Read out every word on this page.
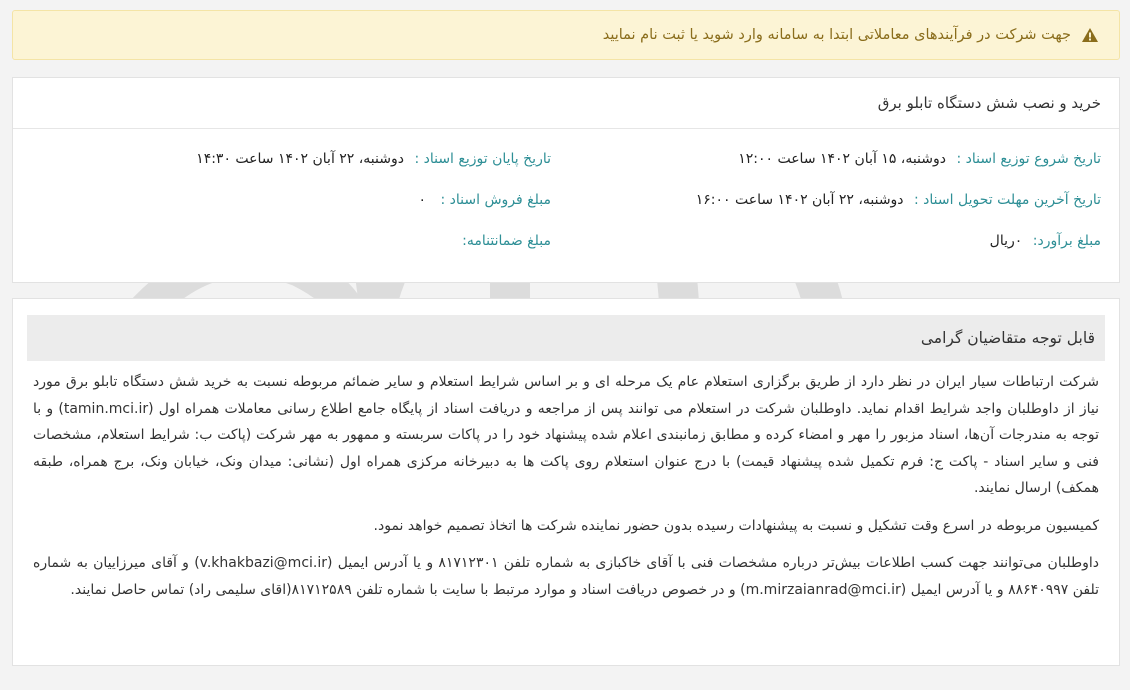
جهت شرکت در فرآیندهای معاملاتی ابتدا به سامانه وارد شوید یا ثبت نام نمایید
خرید و نصب شش دستگاه تابلو برق
تاریخ شروع توزیع اسناد : دوشنبه، ۱۵ آبان ۱۴۰۲ ساعت ۱۲:۰۰
تاریخ پایان توزیع اسناد : دوشنبه، ۲۲ آبان ۱۴۰۲ ساعت ۱۴:۳۰
تاریخ آخرین مهلت تحویل اسناد : دوشنبه، ۲۲ آبان ۱۴۰۲ ساعت ۱۶:۰۰
مبلغ فروش اسناد : ۰
مبلغ برآورد: ۰ریال
مبلغ ضمانتنامه:
قابل توجه متقاضیان گرامی

شرکت ارتباطات سیار ایران در نظر دارد از طریق برگزاری استعلام عام یک مرحله ای و بر اساس شرایط استعلام و سایر ضمائم مربوطه نسبت به خرید شش دستگاه تابلو برق مورد نیاز از داوطلبان واجد شرایط اقدام نماید. داوطلبان شرکت در استعلام می توانند پس از مراجعه و دریافت اسناد از پایگاه جامع اطلاع رسانی معاملات همراه اول (tamin.mci.ir) و با توجه به مندرجات آن‌ها، اسناد مزبور را مهر و امضاء کرده و مطابق زمانبندی اعلام شده پیشنهاد خود را در پاکات سربسته و ممهور به مهر شرکت (پاکت ب: شرایط استعلام، مشخصات فنی و سایر اسناد - پاکت ج: فرم تکمیل شده پیشنهاد قیمت) با درج عنوان استعلام روی پاکت ها به دبیرخانه مرکزی همراه اول (نشانی: میدان ونک، خیابان ونک، برج همراه، طبقه همکف) ارسال نمایند.

کمیسیون مربوطه در اسرع وقت تشکیل و نسبت به پیشنهادات رسیده بدون حضور نماینده شرکت ها اتخاذ تصمیم خواهد نمود.

داوطلبان می‌توانند جهت کسب اطلاعات بیش‌تر درباره مشخصات فنی با آقای خاکبازی به شماره تلفن ۸۱۷۱۲۳۰۱ و یا آدرس ایمیل (v.khakbazi@mci.ir) و آقای میرزاییان به شماره تلفن ۸۸۶۴۰۹۹۷ و یا آدرس ایمیل (m.mirzaianrad@mci.ir) و در خصوص دریافت اسناد و موارد مرتبط با سایت با شماره تلفن ۸۱۷۱۲۵۸۹(اقای سلیمی راد) تماس حاصل نمایند.
